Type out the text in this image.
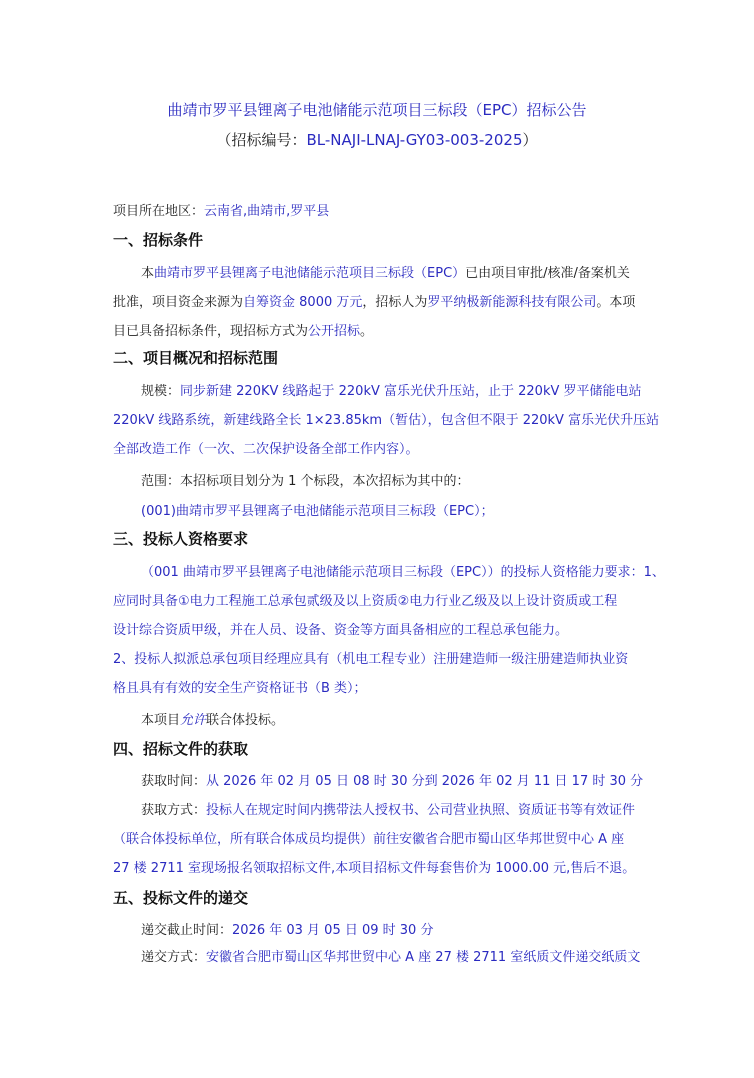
曲靖市罗平县锂离子电池储能示范项目三标段（EPC）招标公告
（招标编号：BL-NAJI-LNAJ-GY03-003-2025）
项目所在地区：云南省,曲靖市,罗平县
一、招标条件
本曲靖市罗平县锂离子电池储能示范项目三标段（EPC）已由项目审批/核准/备案机关
批准，项目资金来源为自筹资金 8000 万元，招标人为罗平纳极新能源科技有限公司。本项
目已具备招标条件，现招标方式为公开招标。
二、项目概况和招标范围
规模：同步新建 220KV 线路起于 220kV 富乐光伏升压站，止于 220kV 罗平储能电站
220kV 线路系统，新建线路全长 1×23.85km（暂估），包含但不限于 220kV 富乐光伏升压站
全部改造工作（一次、二次保护设备全部工作内容）。
范围：本招标项目划分为 1 个标段，本次招标为其中的：
(001)曲靖市罗平县锂离子电池储能示范项目三标段（EPC）；
三、投标人资格要求
（001 曲靖市罗平县锂离子电池储能示范项目三标段（EPC））的投标人资格能力要求：1、
应同时具备①电力工程施工总承包贰级及以上资质②电力行业乙级及以上设计资质或工程
设计综合资质甲级，并在人员、设备、资金等方面具备相应的工程总承包能力。
2、投标人拟派总承包项目经理应具有（机电工程专业）注册建造师一级注册建造师执业资
格且具有有效的安全生产资格证书（B 类）；
本项目允许联合体投标。
四、招标文件的获取
获取时间：从 2026 年 02 月 05 日 08 时 30 分到 2026 年 02 月 11 日 17 时 30 分
获取方式：投标人在规定时间内携带法人授权书、公司营业执照、资质证书等有效证件
（联合体投标单位，所有联合体成员均提供）前往安徽省合肥市蜀山区华邦世贸中心 A 座
27 楼 2711 室现场报名领取招标文件,本项目招标文件每套售价为 1000.00 元,售后不退。
五、投标文件的递交
递交截止时间：2026 年 03 月 05 日 09 时 30 分
递交方式：安徽省合肥市蜀山区华邦世贸中心 A 座 27 楼 2711 室纸质文件递交纸质文
